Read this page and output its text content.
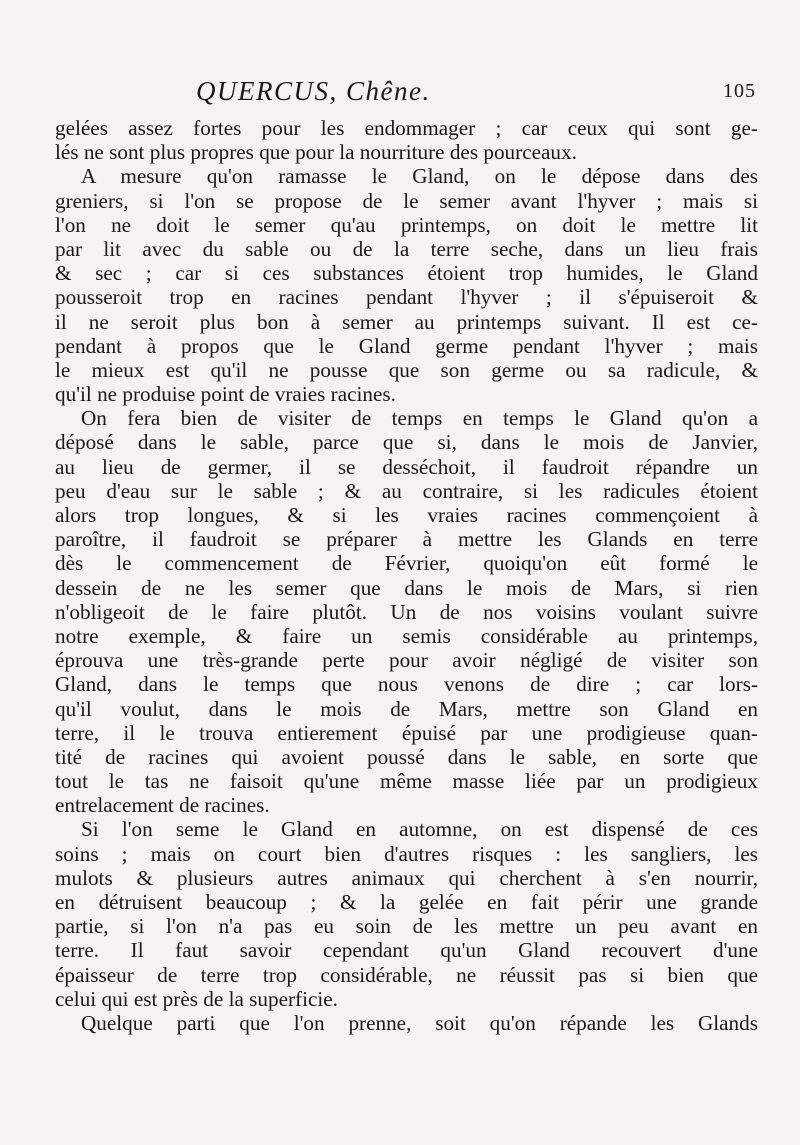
QUERCUS, Chêne.	105
gelées assez fortes pour les endommager ; car ceux qui sont ge-
lés ne sont plus propres que pour la nourriture des pourceaux.
A mesure qu'on ramasse le Gland, on le dépose dans des
greniers, si l'on se propose de le semer avant l'hyver ; mais si
l'on ne doit le semer qu'au printemps, on doit le mettre lit
par lit avec du sable ou de la terre seche, dans un lieu frais
& sec ; car si ces substances étoient trop humides, le Gland
pousseroit trop en racines pendant l'hyver ; il s'épuiseroit &
il ne seroit plus bon à semer au printemps suivant. Il est ce-
pendant à propos que le Gland germe pendant l'hyver ; mais
le mieux est qu'il ne pousse que son germe ou sa radicule, &
qu'il ne produise point de vraies racines.
On fera bien de visiter de temps en temps le Gland qu'on a
déposé dans le sable, parce que si, dans le mois de Janvier,
au lieu de germer, il se desséchoit, il faudroit répandre un
peu d'eau sur le sable ; & au contraire, si les radicules étoient
alors trop longues, & si les vraies racines commençoient à
paroître, il faudroit se préparer à mettre les Glands en terre
dès le commencement de Février, quoiqu'on eût formé le
dessein de ne les semer que dans le mois de Mars, si rien
n'obligeoit de le faire plutôt. Un de nos voisins voulant suivre
notre exemple, & faire un semis considérable au printemps,
éprouva une très-grande perte pour avoir négligé de visiter son
Gland, dans le temps que nous venons de dire ; car lors-
qu'il voulut, dans le mois de Mars, mettre son Gland en
terre, il le trouva entierement épuisé par une prodigieuse quan-
tité de racines qui avoient poussé dans le sable, en sorte que
tout le tas ne faisoit qu'une même masse liée par un prodigieux
entrelacement de racines.
Si l'on seme le Gland en automne, on est dispensé de ces
soins ; mais on court bien d'autres risques : les sangliers, les
mulots & plusieurs autres animaux qui cherchent à s'en nourrir,
en détruisent beaucoup ; & la gelée en fait périr une grande
partie, si l'on n'a pas eu soin de les mettre un peu avant en
terre. Il faut savoir cependant qu'un Gland recouvert d'une
épaisseur de terre trop considérable, ne réussit pas si bien que
celui qui est près de la superficie.
Quelque parti que l'on prenne, soit qu'on répande les Glands
